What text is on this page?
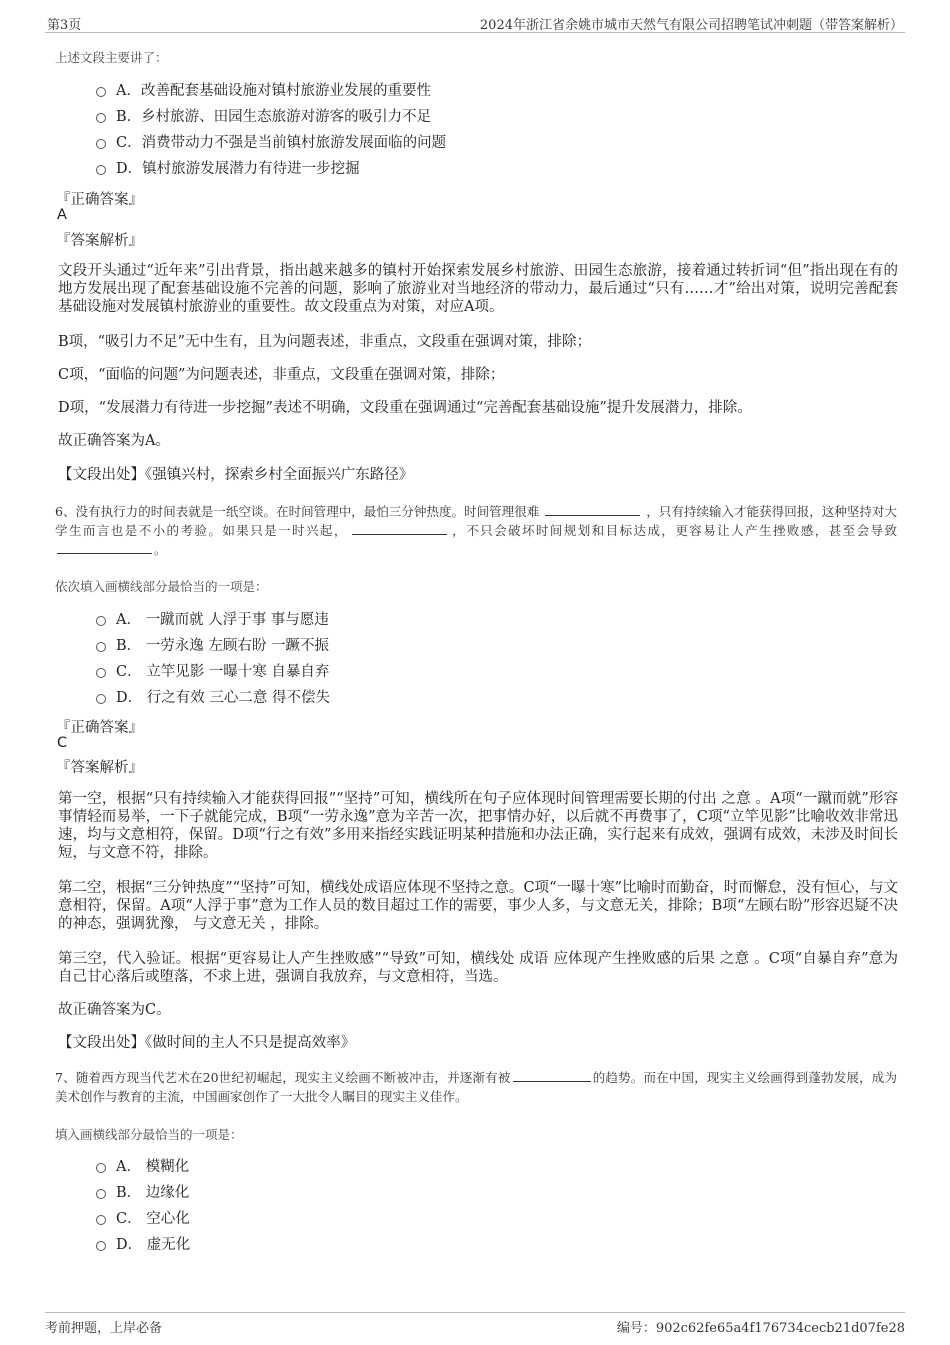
第3页	2024年浙江省余姚市城市天然气有限公司招聘笔试冲刺题（带答案解析）
上述文段主要讲了：
A．改善配套基础设施对镇村旅游业发展的重要性
B．乡村旅游、田园生态旅游对游客的吸引力不足
C．消费带动力不强是当前镇村旅游发展面临的问题
D．镇村旅游发展潜力有待进一步挖掘
『正确答案』
A
『答案解析』
文段开头通过“近年来”引出背景，指出越来越多的镇村开始探索发展乡村旅游、田园生态旅游，接着通过转折词“但”指出现在有的地方发展出现了配套基础设施不完善的问题，影响了旅游业对当地经济的带动力，最后通过“只有……才”给出对策，说明完善配套基础设施对发展镇村旅游业的重要性。故文段重点为对策，对应A项。
B项，“吸引力不足”无中生有，且为问题表述，非重点，文段重在强调对策，排除；
C项，“面临的问题”为问题表述，非重点，文段重在强调对策，排除；
D项，“发展潜力有待进一步挖掘”表述不明确，文段重在强调通过“完善配套基础设施”提升发展潜力，排除。
故正确答案为A。
【文段出处】《强镇兴村，探索乡村全面振兴广东路径》
6、没有执行力的时间表就是一纸空谈。在时间管理中，最怕三分钟热度。时间管理很难	，只有持续输入才能获得回报，这种坚持对大学生而言也是不小的考验。如果只是一时兴起，	，不只会破坏时间规划和目标达成，更容易让人产生挫败感，甚至会导致。
依次填入画横线部分最恰当的一项是：
A． 一蹴而就 人浮于事 事与愿违
B． 一劳永逸 左顾右盼 一蹶不振
C． 立竿见影 一曝十寒 自暴自弃
D． 行之有效 三心二意 得不偿失
『正确答案』
C
『答案解析』
第一空，根据“只有持续输入才能获得回报”“坚持”可知，横线所在句子应体现时间管理需要长期的付出 之意 。A项“一蹴而就”形容事情轻而易举，一下子就能完成，B项“一劳永逸”意为辛苦一次，把事情办好，以后就不再费事了，C项“立竿见影”比喻收效非常迅速，均与文意相符，保留。D项“行之有效”多用来指经实践证明某种措施和办法正确，实行起来有成效，强调有成效，未涉及时间长短，与文意不符，排除。
第二空，根据“三分钟热度”“坚持”可知，横线处成语应体现不坚持之意。C项“一曝十寒”比喻时而勤奋，时而懈怠，没有恒心，与文意相符，保留。A项“人浮于事”意为工作人员的数目超过工作的需要，事少人多，与文意无关，排除；B项“左顾右盼”形容迟疑不决的神态，强调犹豫， 与文意无关 ，排除。
第三空，代入验证。根据“更容易让人产生挫败感”“导致”可知，横线处 成语 应体现产生挫败感的后果 之意 。C项“自暴自弃”意为自己甘心落后或堕落，不求上进，强调自我放弃，与文意相符，当选。
故正确答案为C。
【文段出处】《做时间的主人不只是提高效率》
7、随着西方现当代艺术在20世纪初崛起，现实主义绘画不断被冲击，并逐渐有被	的趋势。而在中国，现实主义绘画得到蓬勃发展，成为美术创作与教育的主流，中国画家创作了一大批令人瞩目的现实主义佳作。
填入画横线部分最恰当的一项是：
A． 模糊化
B． 边缘化
C． 空心化
D． 虚无化
考前押题，上岸必备	编号：902c62fe65a4f176734cecb21d07fe28
